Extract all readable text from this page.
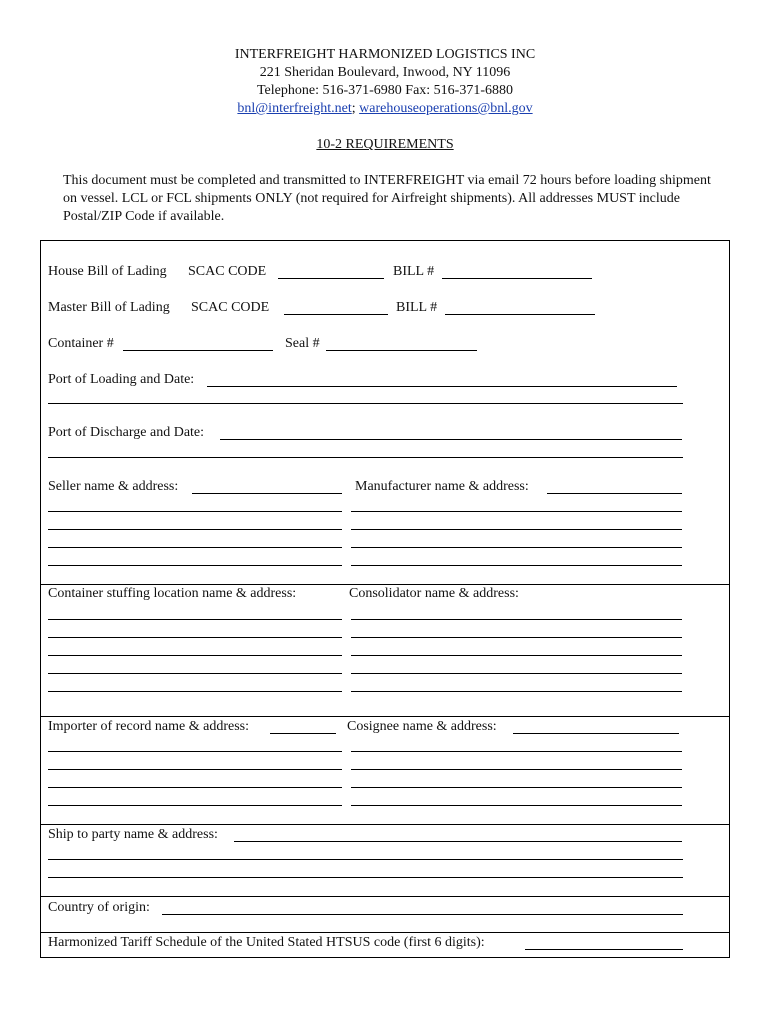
INTERFREIGHT HARMONIZED LOGISTICS INC
221 Sheridan Boulevard, Inwood, NY 11096
Telephone: 516-371-6980 Fax: 516-371-6880
bnl@interfreight.net; warehouseoperations@bnl.gov
10-2 REQUIREMENTS
This document must be completed and transmitted to INTERFREIGHT via email 72 hours before loading shipment on vessel. LCL or FCL shipments ONLY (not required for Airfreight shipments). All addresses MUST include Postal/ZIP Code if available.
House Bill of Lading SCAC CODE	BILL #
Master Bill of Lading SCAC CODE	BILL #
Container #	Seal #
Port of Loading and Date:
Port of Discharge and Date:
Seller name & address:	Manufacturer name & address:
Container stuffing location name & address:	Consolidator name & address:
Importer of record name & address:	Cosignee name & address:
Ship to party name & address:
Country of origin:
Harmonized Tariff Schedule of the United Stated HTSUS code (first 6 digits):
